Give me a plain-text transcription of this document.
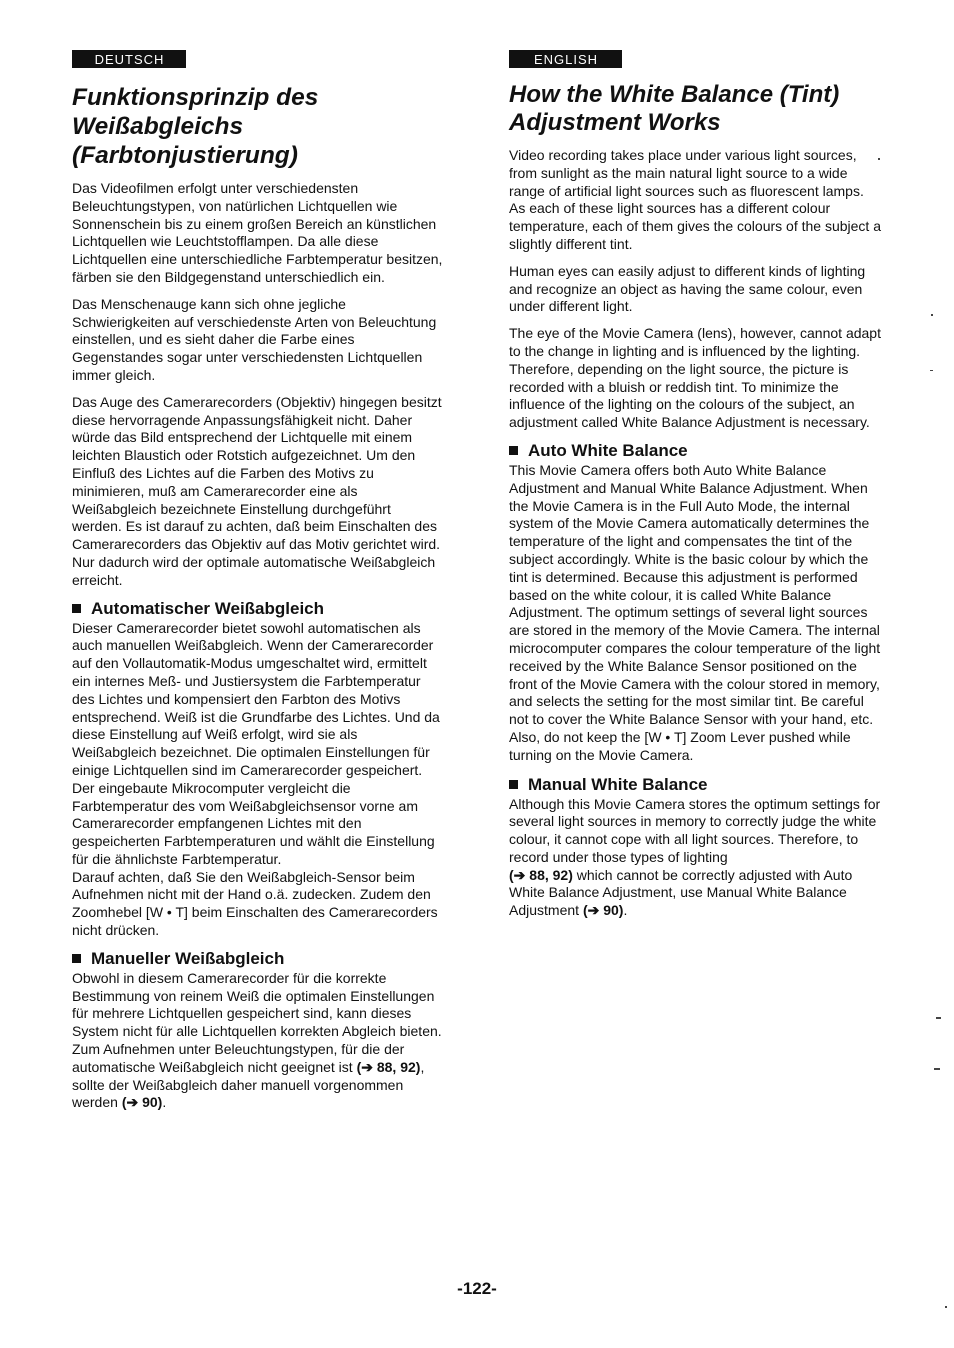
DEUTSCH
Funktionsprinzip des Weißabgleichs (Farbtonjustierung)

Das Videofilmen erfolgt unter verschiedensten Beleuchtungstypen, von natürlichen Lichtquellen wie Sonnenschein bis zu einem großen Bereich an künstlichen Lichtquellen wie Leuchtstofflampen. Da alle diese Lichtquellen eine unterschiedliche Farbtemperatur besitzen, färben sie den Bildgegenstand unterschiedlich ein.

Das Menschenauge kann sich ohne jegliche Schwierigkeiten auf verschiedenste Arten von Beleuchtung einstellen, und es sieht daher die Farbe eines Gegenstandes sogar unter verschiedensten Lichtquellen immer gleich.

Das Auge des Camerarecorders (Objektiv) hingegen besitzt diese hervorragende Anpassungsfähigkeit nicht. Daher würde das Bild entsprechend der Lichtquelle mit einem leichten Blaustich oder Rotstich aufgezeichnet. Um den Einfluß des Lichtes auf die Farben des Motivs zu minimieren, muß am Camerarecorder eine als Weißabgleich bezeichnete Einstellung durchgeführt werden. Es ist darauf zu achten, daß beim Einschalten des Camerarecorders das Objektiv auf das Motiv gerichtet wird. Nur dadurch wird der optimale automatische Weißabgleich erreicht.

Automatischer Weißabgleich

Dieser Camerarecorder bietet sowohl automatischen als auch manuellen Weißabgleich. Wenn der Camerarecorder auf den Vollautomatik-Modus umgeschaltet wird, ermittelt ein internes Meß- und Justiersystem die Farbtemperatur des Lichtes und kompensiert den Farbton des Motivs entsprechend. Weiß ist die Grundfarbe des Lichtes. Und da diese Einstellung auf Weiß erfolgt, wird sie als Weißabgleich bezeichnet. Die optimalen Einstellungen für einige Lichtquellen sind im Camerarecorder gespeichert. Der eingebaute Mikrocomputer vergleicht die Farbtemperatur des vom Weißabgleichsensor vorne am Camerarecorder empfangenen Lichtes mit den gespeicherten Farbtemperaturen und wählt die Einstellung für die ähnlichste Farbtemperatur.

Darauf achten, daß Sie den Weißabgleich-Sensor beim Aufnehmen nicht mit der Hand o.ä. zudecken. Zudem den Zoomhebel [W • T] beim Einschalten des Camerarecorders nicht drücken.

Manueller Weißabgleich

Obwohl in diesem Camerarecorder für die korrekte Bestimmung von reinem Weiß die optimalen Einstellungen für mehrere Lichtquellen gespeichert sind, kann dieses System nicht für alle Lichtquellen korrekten Abgleich bieten. Zum Aufnehmen unter Beleuchtungstypen, für die der automatische Weißabgleich nicht geeignet ist (➔ 88, 92), sollte der Weißabgleich daher manuell vorgenommen werden (➔ 90).

ENGLISH
How the White Balance (Tint) Adjustment Works

Video recording takes place under various light sources, from sunlight as the main natural light source to a wide range of artificial light sources such as fluorescent lamps. As each of these light sources has a different colour temperature, each of them gives the colours of the subject a slightly different tint.

Human eyes can easily adjust to different kinds of lighting and recognize an object as having the same colour, even under different light.

The eye of the Movie Camera (lens), however, cannot adapt to the change in lighting and is influenced by the lighting. Therefore, depending on the light source, the picture is recorded with a bluish or reddish tint. To minimize the influence of the lighting on the colours of the subject, an adjustment called White Balance Adjustment is necessary.

Auto White Balance

This Movie Camera offers both Auto White Balance Adjustment and Manual White Balance Adjustment. When the Movie Camera is in the Full Auto Mode, the internal system of the Movie Camera automatically determines the temperature of the light and compensates the tint of the subject accordingly. White is the basic colour by which the tint is determined. Because this adjustment is performed based on the white colour, it is called White Balance Adjustment. The optimum settings of several light sources are stored in the memory of the Movie Camera. The internal microcomputer compares the colour temperature of the light received by the White Balance Sensor positioned on the front of the Movie Camera with the colour stored in memory, and selects the setting for the most similar tint. Be careful not to cover the White Balance Sensor with your hand, etc. Also, do not keep the [W • T] Zoom Lever pushed while turning on the Movie Camera.

Manual White Balance

Although this Movie Camera stores the optimum settings for several light sources in memory to correctly judge the white colour, it cannot cope with all light sources. Therefore, to record under those types of lighting
(➔ 88, 92) which cannot be correctly adjusted with Auto White Balance Adjustment, use Manual White Balance Adjustment (➔ 90).

-122-
